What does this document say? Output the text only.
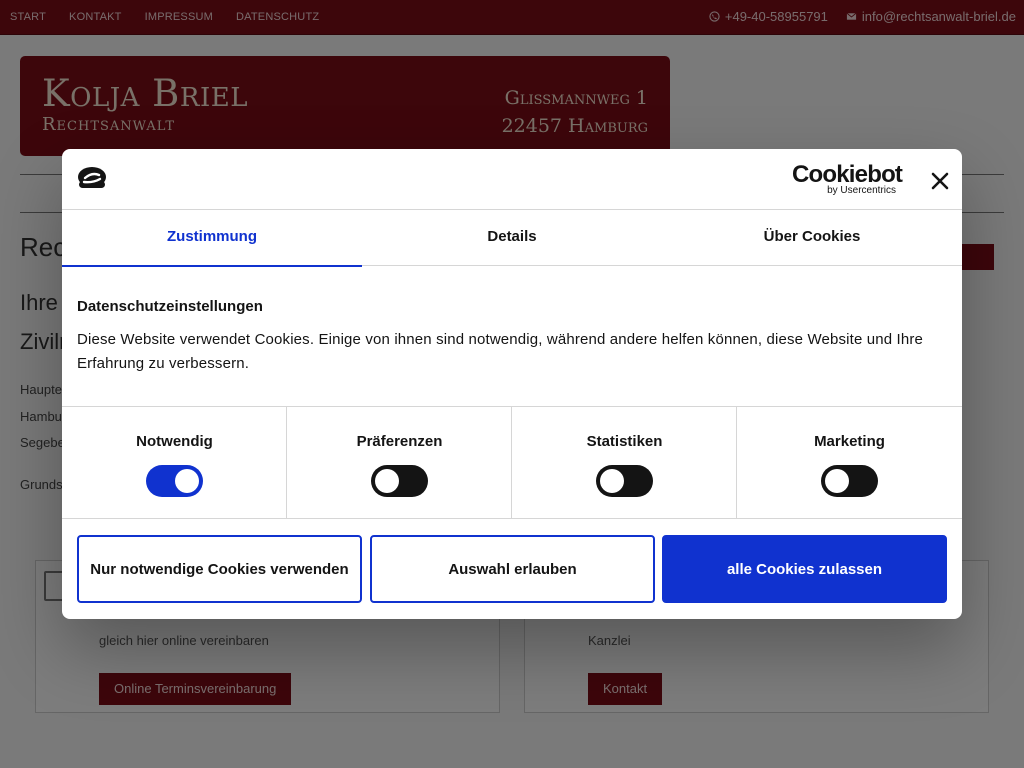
Cookiebot
by Usercentrics
Zustimmung	Details	Über Cookies
Datenschutzeinstellungen
Diese Website verwendet Cookies. Einige von ihnen sind notwendig, während andere helfen können, diese Website und Ihre Erfahrung zu verbessern.
Notwendig	Präferenzen	Statistiken	Marketing
Nur notwendige Cookies verwenden	Auswahl erlauben	alle Cookies zulassen
